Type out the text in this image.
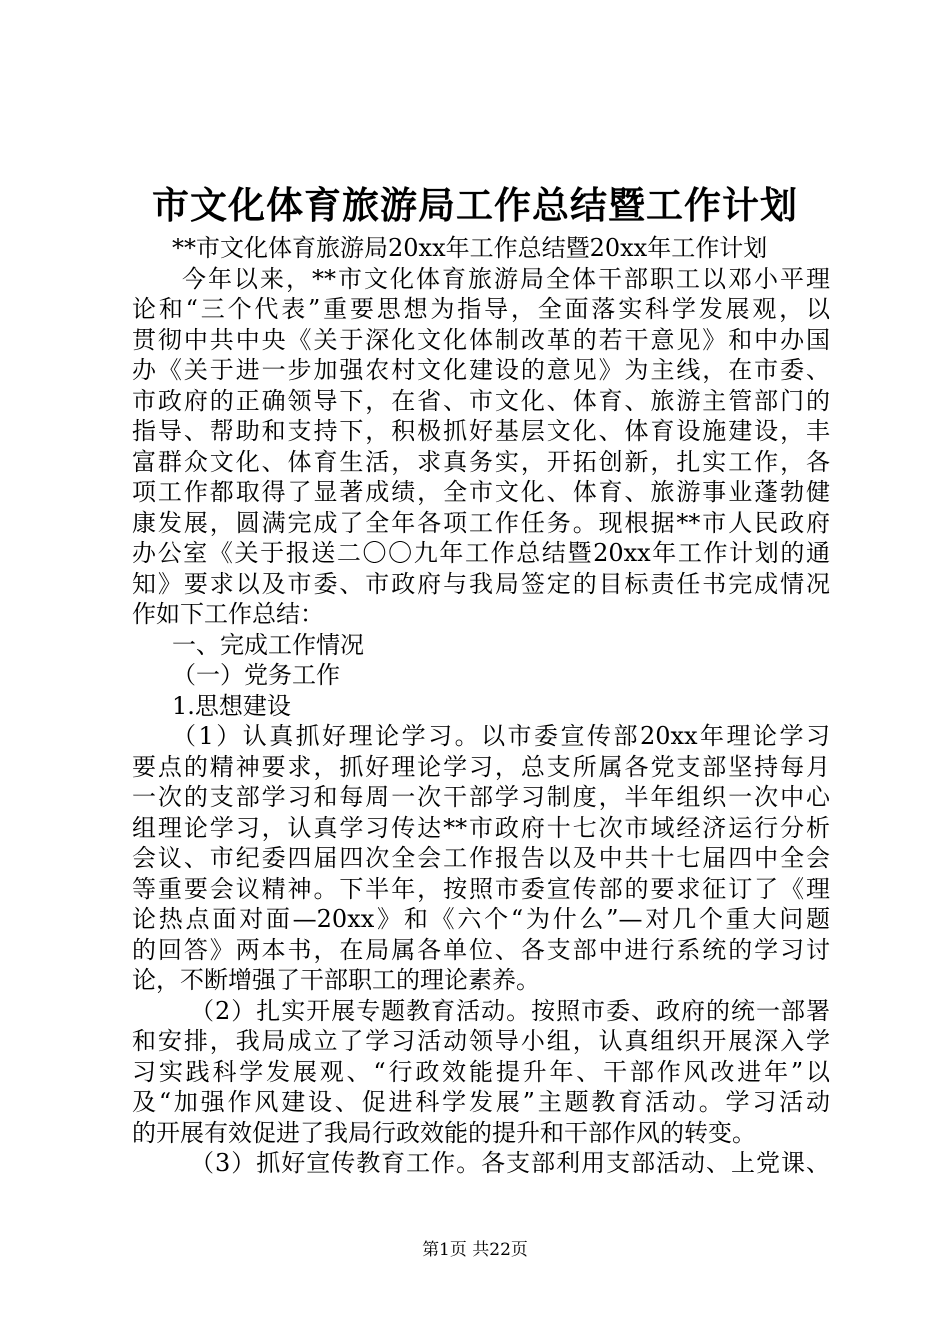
市文化体育旅游局工作总结暨工作计划
**市文化体育旅游局20xx年工作总结暨20xx年工作计划
今年以来，**市文化体育旅游局全体干部职工以邓小平理
论和“三个代表”重要思想为指导，全面落实科学发展观，以
贯彻中共中央《关于深化文化体制改革的若干意见》和中办国
办《关于进一步加强农村文化建设的意见》为主线，在市委、
市政府的正确领导下，在省、市文化、体育、旅游主管部门的
指导、帮助和支持下，积极抓好基层文化、体育设施建设，丰
富群众文化、体育生活，求真务实，开拓创新，扎实工作，各
项工作都取得了显著成绩，全市文化、体育、旅游事业蓬勃健
康发展，圆满完成了全年各项工作任务。现根据**市人民政府
办公室《关于报送二〇〇九年工作总结暨20xx年工作计划的通
知》要求以及市委、市政府与我局签定的目标责任书完成情况
作如下工作总结：
一、完成工作情况
（一）党务工作
1.思想建设
（1）认真抓好理论学习。以市委宣传部20xx年理论学习
要点的精神要求，抓好理论学习，总支所属各党支部坚持每月
一次的支部学习和每周一次干部学习制度，半年组织一次中心
组理论学习，认真学习传达**市政府十七次市域经济运行分析
会议、市纪委四届四次全会工作报告以及中共十七届四中全会
等重要会议精神。下半年，按照市委宣传部的要求征订了《理
论热点面对面—20xx》和《六个“为什么”—对几个重大问题
的回答》两本书，在局属各单位、各支部中进行系统的学习讨
论，不断增强了干部职工的理论素养。
（2）扎实开展专题教育活动。按照市委、政府的统一部署
和安排，我局成立了学习活动领导小组，认真组织开展深入学
习实践科学发展观、“行政效能提升年、干部作风改进年”以
及“加强作风建设、促进科学发展”主题教育活动。学习活动
的开展有效促进了我局行政效能的提升和干部作风的转变。
（3）抓好宣传教育工作。各支部利用支部活动、上党课、
第1页 共22页
